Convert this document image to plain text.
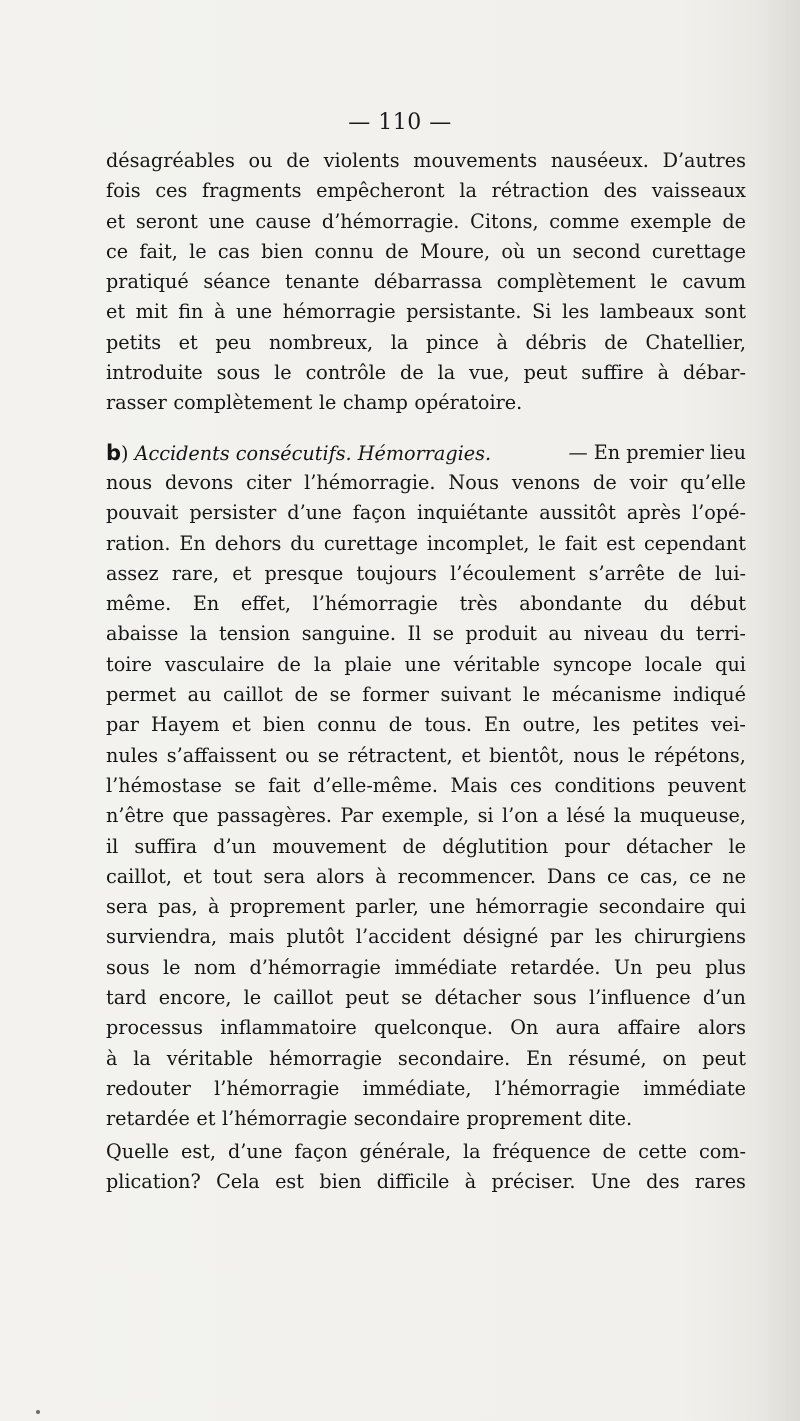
— 110 —
désagréables ou de violents mouvements nauséeux. D’autres
fois ces fragments empêcheront la rétraction des vaisseaux
et seront une cause d’hémorragie. Citons, comme exemple de
ce fait, le cas bien connu de Moure, où un second curettage
pratiqué séance tenante débarrassa complètement le cavum
et mit fin à une hémorragie persistante. Si les lambeaux sont
petits et peu nombreux, la pince à débris de Chatellier,
introduite sous le contrôle de la vue, peut suffire à débar-
rasser complètement le champ opératoire.
b) Accidents consécutifs. Hémorragies.	— En premier lieu
nous devons citer l’hémorragie. Nous venons de voir qu’elle
pouvait persister d’une façon inquiétante aussitôt après l’opé-
ration. En dehors du curettage incomplet, le fait est cependant
assez rare, et presque toujours l’écoulement s’arrête de lui-
même. En effet, l’hémorragie très abondante du début
abaisse la tension sanguine. Il se produit au niveau du terri-
toire vasculaire de la plaie une véritable syncope locale qui
permet au caillot de se former suivant le mécanisme indiqué
par Hayem et bien connu de tous. En outre, les petites vei-
nules s’affaissent ou se rétractent, et bientôt, nous le répétons,
l’hémostase se fait d’elle-même. Mais ces conditions peuvent
n’être que passagères. Par exemple, si l’on a lésé la muqueuse,
il suffira d’un mouvement de déglutition pour détacher le
caillot, et tout sera alors à recommencer. Dans ce cas, ce ne
sera pas, à proprement parler, une hémorragie secondaire qui
surviendra, mais plutôt l’accident désigné par les chirurgiens
sous le nom d’hémorragie immédiate retardée. Un peu plus
tard encore, le caillot peut se détacher sous l’influence d’un
processus inflammatoire quelconque. On aura affaire alors
à la véritable hémorragie secondaire. En résumé, on peut
redouter l’hémorragie immédiate, l’hémorragie immédiate
retardée et l’hémorragie secondaire proprement dite.
Quelle est, d’une façon générale, la fréquence de cette com-
plication? Cela est bien difficile à préciser. Une des rares
